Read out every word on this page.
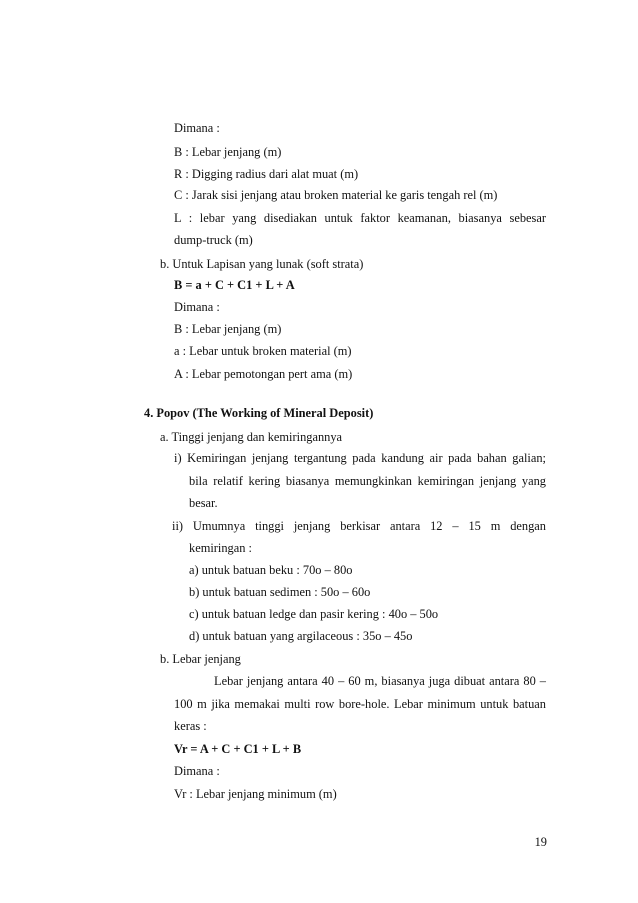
Dimana :
B : Lebar jenjang (m)
R : Digging radius dari alat muat (m)
C : Jarak sisi jenjang atau broken material ke garis tengah rel (m)
L : lebar yang disediakan untuk faktor keamanan, biasanya sebesar
dump-truck (m)
b. Untuk Lapisan yang lunak (soft strata)
B = a + C + C1 + L + A
Dimana :
B : Lebar jenjang (m)
a : Lebar untuk broken material (m)
A : Lebar pemotongan pert ama (m)
4. Popov (The Working of Mineral Deposit)
a. Tinggi jenjang dan kemiringannya
i) Kemiringan jenjang tergantung pada kandung air pada bahan galian;
bila relatif kering biasanya memungkinkan kemiringan jenjang yang
besar.
ii) Umumnya tinggi jenjang berkisar antara 12 – 15 m dengan
kemiringan :
a) untuk batuan beku : 70o – 80o
b) untuk batuan sedimen : 50o – 60o
c) untuk batuan ledge dan pasir kering : 40o – 50o
d) untuk batuan yang argilaceous : 35o – 45o
b. Lebar jenjang
Lebar jenjang antara 40 – 60 m, biasanya juga dibuat antara 80 –
100 m jika memakai multi row bore-hole. Lebar minimum untuk batuan
keras :
Vr = A + C + C1 + L + B
Dimana :
Vr : Lebar jenjang minimum (m)
19
